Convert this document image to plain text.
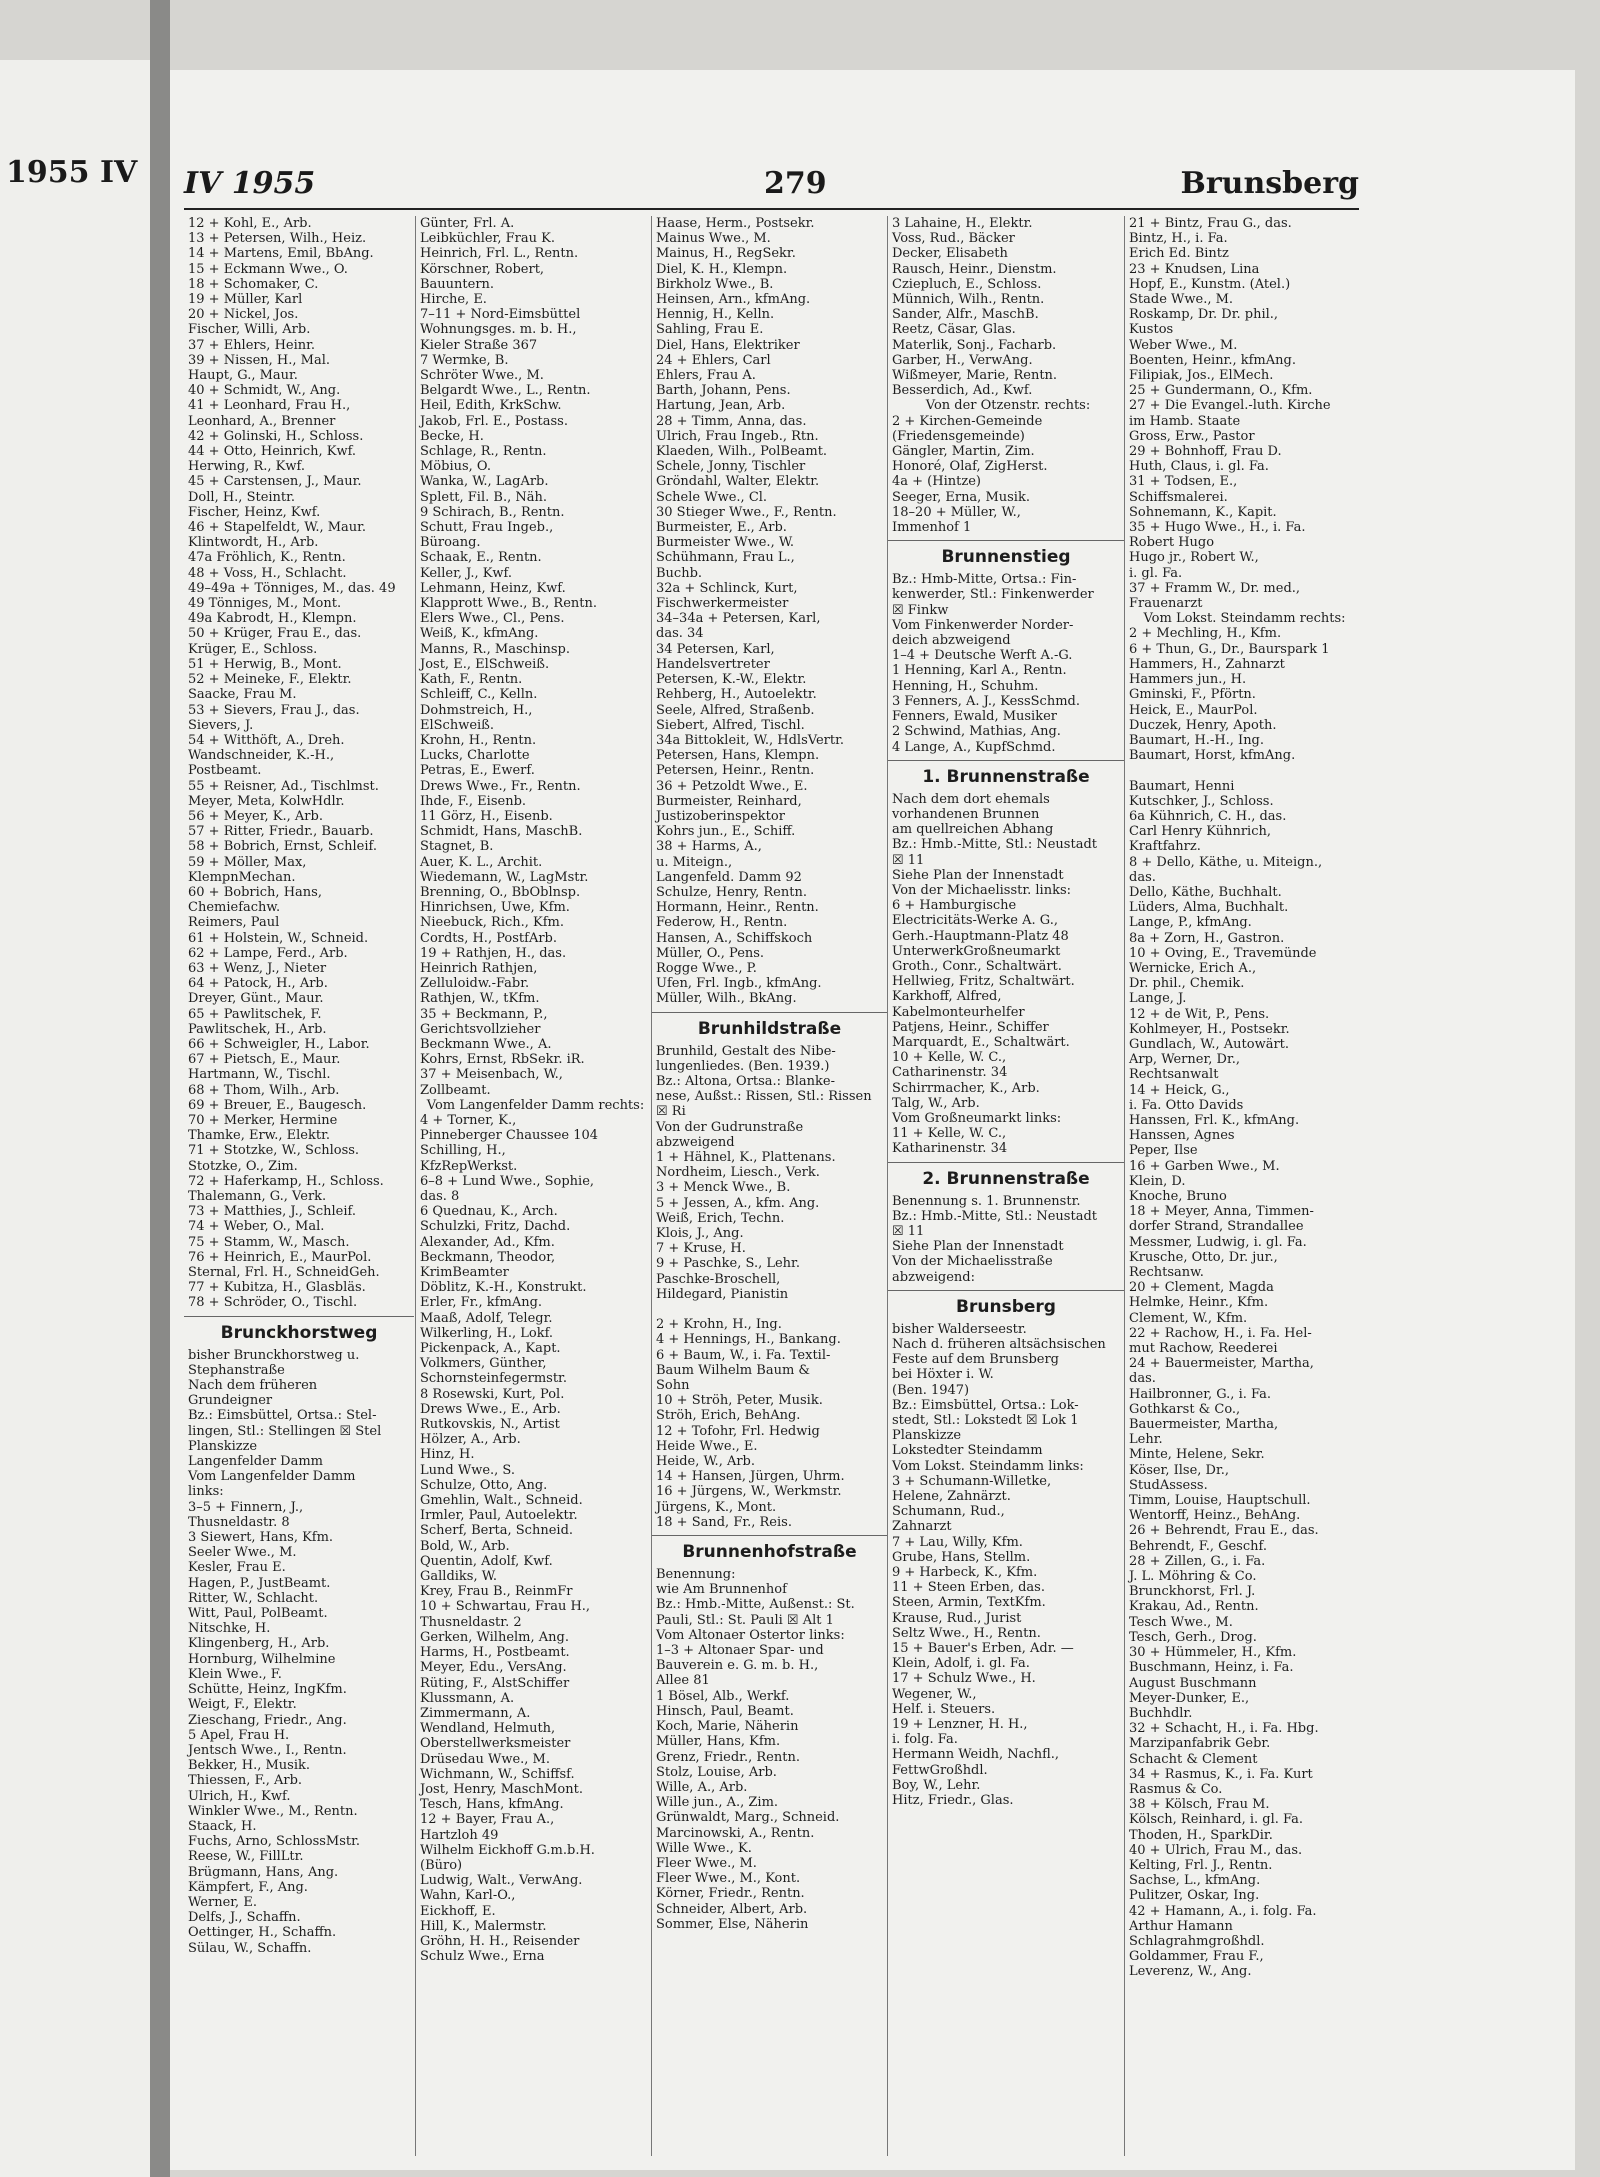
1955 IV IV 1955	279	Brunsberg
12 + Kohl, E., Arb.
13 + Petersen, Wilh., Heiz.
14 + Martens, Emil, BbAng.
15 + Eckmann Wwe., O.
18 + Schomaker, C.
19 + Müller, Karl
20 + Nickel, Jos.
Fischer, Willi, Arb.
37 + Ehlers, Heinr.
39 + Nissen, H., Mal.
Haupt, G., Maur.
40 + Schmidt, W., Ang.
41 + Leonhard, Frau H.,
Leonhard, A., Brenner
42 + Golinski, H., Schloss.
44 + Otto, Heinrich, Kwf.
Herwing, R., Kwf.
45 + Carstensen, J., Maur.
Doll, H., Steintr.
Fischer, Heinz, Kwf.
46 + Stapelfeldt, W., Maur.
Klintwordt, H., Arb.
47a Fröhlich, K., Rentn.
48 + Voss, H., Schlacht.
49–49a + Tönniges, M., das. 49
49 Tönniges, M., Mont.
49a Kabrodt, H., Klempn.
50 + Krüger, Frau E., das.
Krüger, E., Schloss.
51 + Herwig, B., Mont.
52 + Meineke, F., Elektr.
Saacke, Frau M.
53 + Sievers, Frau J., das.
Sievers, J.
54 + Witthöft, A., Dreh.
Wandschneider, K.-H.,
Postbeamt.
55 + Reisner, Ad., Tischlmst.
Meyer, Meta, KolwHdlr.
56 + Meyer, K., Arb.
57 + Ritter, Friedr., Bauarb.
58 + Bobrich, Ernst, Schleif.
59 + Möller, Max,
KlempnMechan.
60 + Bobrich, Hans,
Chemiefachw.
Reimers, Paul
61 + Holstein, W., Schneid.
62 + Lampe, Ferd., Arb.
63 + Wenz, J., Nieter
64 + Patock, H., Arb.
Dreyer, Günt., Maur.
65 + Pawlitschek, F.
Pawlitschek, H., Arb.
66 + Schweigler, H., Labor.
67 + Pietsch, E., Maur.
Hartmann, W., Tischl.
68 + Thom, Wilh., Arb.
69 + Breuer, E., Baugesch.
70 + Merker, Hermine
Thamke, Erw., Elektr.
71 + Stotzke, W., Schloss.
Stotzke, O., Zim.
72 + Haferkamp, H., Schloss.
Thalemann, G., Verk.
73 + Matthies, J., Schleif.
74 + Weber, O., Mal.
75 + Stamm, W., Masch.
76 + Heinrich, E., MaurPol.
Sternal, Frl. H., SchneidGeh.
77 + Kubitza, H., Glasbläs.
78 + Schröder, O., Tischl.
Brunckhorstweg
bisher Brunckhorstweg u.
Stephanstraße
Nach dem früheren
Grundeigner
Bz.: Eimsbüttel, Ortsa.: Stel-
lingen, Stl.: Stellingen ☒ Stel
Planskizze
Langenfelder Damm
Vom Langenfelder Damm
links:
3–5 + Finnern, J.,
Thusneldastr. 8
3 Siewert, Hans, Kfm.
Seeler Wwe., M.
Kesler, Frau E.
Hagen, P., JustBeamt.
Ritter, W., Schlacht.
Witt, Paul, PolBeamt.
Nitschke, H.
Klingenberg, H., Arb.
Hornburg, Wilhelmine
Klein Wwe., F.
Schütte, Heinz, IngKfm.
Weigt, F., Elektr.
Zieschang, Friedr., Ang.
5 Apel, Frau H.
Jentsch Wwe., I., Rentn.
Bekker, H., Musik.
Thiessen, F., Arb.
Ulrich, H., Kwf.
Winkler Wwe., M., Rentn.
Staack, H.
Fuchs, Arno, SchlossMstr.
Reese, W., FillLtr.
Brügmann, Hans, Ang.
Kämpfert, F., Ang.
Werner, E.
Delfs, J., Schaffn.
Oettinger, H., Schaffn.
Sülau, W., Schaffn.
Günter, Frl. A.
Leibküchler, Frau K.
Heinrich, Frl. L., Rentn.
Körschner, Robert,
Bauuntern.
Hirche, E.
7–11 + Nord-Eimsbüttel
Wohnungsges. m. b. H.,
Kieler Straße 367
7 Wermke, B.
Schröter Wwe., M.
Belgardt Wwe., L., Rentn.
Heil, Edith, KrkSchw.
Jakob, Frl. E., Postass.
Becke, H.
Schlage, R., Rentn.
Möbius, O.
Wanka, W., LagArb.
Splett, Fil. B., Näh.
9 Schirach, B., Rentn.
Schutt, Frau Ingeb.,
Büroang.
Schaak, E., Rentn.
Keller, J., Kwf.
Lehmann, Heinz, Kwf.
Klapprott Wwe., B., Rentn.
Elers Wwe., Cl., Pens.
Weiß, K., kfmAng.
Manns, R., Maschinsp.
Jost, E., ElSchweiß.
Kath, F., Rentn.
Schleiff, C., Kelln.
Dohmstreich, H.,
ElSchweiß.
Krohn, H., Rentn.
Lucks, Charlotte
Petras, E., Ewerf.
Drews Wwe., Fr., Rentn.
Ihde, F., Eisenb.
11 Görz, H., Eisenb.
Schmidt, Hans, MaschB.
Stagnet, B.
Auer, K. L., Archit.
Wiedemann, W., LagMstr.
Brenning, O., BbOblnsp.
Hinrichsen, Uwe, Kfm.
Nieebuck, Rich., Kfm.
Cordts, H., PostfArb.
19 + Rathjen, H., das.
Heinrich Rathjen,
Zelluloidw.-Fabr.
Rathjen, W., tKfm.
35 + Beckmann, P.,
Gerichtsvollzieher
Beckmann Wwe., A.
Kohrs, Ernst, RbSekr. iR.
37 + Meisenbach, W.,
Zollbeamt.
Vom Langenfelder Damm rechts:
4 + Torner, K.,
Pinneberger Chaussee 104
Schilling, H.,
KfzRepWerkst.
6–8 + Lund Wwe., Sophie,
das. 8
6 Quednau, K., Arch.
Schulzki, Fritz, Dachd.
Alexander, Ad., Kfm.
Beckmann, Theodor,
KrimBeamter
Döblitz, K.-H., Konstrukt.
Erler, Fr., kfmAng.
Maaß, Adolf, Telegr.
Wilkerling, H., Lokf.
Pickenpack, A., Kapt.
Volkmers, Günther,
Schornsteinfegermstr.
8 Rosewski, Kurt, Pol.
Drews Wwe., E., Arb.
Rutkovskis, N., Artist
Hölzer, A., Arb.
Hinz, H.
Lund Wwe., S.
Schulze, Otto, Ang.
Gmehlin, Walt., Schneid.
Irmler, Paul, Autoelektr.
Scherf, Berta, Schneid.
Bold, W., Arb.
Quentin, Adolf, Kwf.
Galldiks, W.
Krey, Frau B., ReinmFr
10 + Schwartau, Frau H.,
Thusneldastr. 2
Gerken, Wilhelm, Ang.
Harms, H., Postbeamt.
Meyer, Edu., VersAng.
Rüting, F., AlstSchiffer
Klussmann, A.
Zimmermann, A.
Wendland, Helmuth,
Oberstellwerksmeister
Drüsedau Wwe., M.
Wichmann, W., Schiffsf.
Jost, Henry, MaschMont.
Tesch, Hans, kfmAng.
12 + Bayer, Frau A.,
Hartzloh 49
Wilhelm Eickhoff G.m.b.H.
(Büro)
Ludwig, Walt., VerwAng.
Wahn, Karl-O.,
Eickhoff, E.
Hill, K., Malermstr.
Gröhn, H. H., Reisender
Schulz Wwe., Erna
Haase, Herm., Postsekr.
Mainus Wwe., M.
Mainus, H., RegSekr.
Diel, K. H., Klempn.
Birkholz Wwe., B.
Heinsen, Arn., kfmAng.
Hennig, H., Kelln.
Sahling, Frau E.
Diel, Hans, Elektriker
24 + Ehlers, Carl
Ehlers, Frau A.
Barth, Johann, Pens.
Hartung, Jean, Arb.
28 + Timm, Anna, das.
Ulrich, Frau Ingeb., Rtn.
Klaeden, Wilh., PolBeamt.
Schele, Jonny, Tischler
Gröndahl, Walter, Elektr.
Schele Wwe., Cl.
30 Stieger Wwe., F., Rentn.
Burmeister, E., Arb.
Burmeister Wwe., W.
Schühmann, Frau L.,
Buchb.
32a + Schlinck, Kurt,
Fischwerkermeister
34–34a + Petersen, Karl,
das. 34
34 Petersen, Karl,
Handelsvertreter
Petersen, K.-W., Elektr.
Rehberg, H., Autoelektr.
Seele, Alfred, Straßenb.
Siebert, Alfred, Tischl.
34a Bittokleit, W., HdlsVertr.
Petersen, Hans, Klempn.
Petersen, Heinr., Rentn.
36 + Petzoldt Wwe., E.
Burmeister, Reinhard,
Justizoberinspektor
Kohrs jun., E., Schiff.
38 + Harms, A.,
u. Miteign.,
Langenfeld. Damm 92
Schulze, Henry, Rentn.
Hormann, Heinr., Rentn.
Federow, H., Rentn.
Hansen, A., Schiffskoch
Müller, O., Pens.
Rogge Wwe., P.
Ufen, Frl. Ingb., kfmAng.
Müller, Wilh., BkAng.
Brunhildstraße
Brunhild, Gestalt des Nibe-
lungenliedes. (Ben. 1939.)
Bz.: Altona, Ortsa.: Blanke-
nese, Außst.: Rissen, Stl.: Rissen
☒ Ri
Von der Gudrunstraße
abzweigend
1 + Hähnel, K., Plattenans.
Nordheim, Liesch., Verk.
3 + Menck Wwe., B.
5 + Jessen, A., kfm. Ang.
Weiß, Erich, Techn.
Klois, J., Ang.
7 + Kruse, H.
9 + Paschke, S., Lehr.
Paschke-Broschell,
Hildegard, Pianistin

2 + Krohn, H., Ing.
4 + Hennings, H., Bankang.
6 + Baum, W., i. Fa. Textil-
Baum Wilhelm Baum &
Sohn
10 + Ströh, Peter, Musik.
Ströh, Erich, BehAng.
12 + Tofohr, Frl. Hedwig
Heide Wwe., E.
Heide, W., Arb.
14 + Hansen, Jürgen, Uhrm.
16 + Jürgens, W., Werkmstr.
Jürgens, K., Mont.
18 + Sand, Fr., Reis.
Brunnenhofstraße
Benennung:
wie Am Brunnenhof
Bz.: Hmb.-Mitte, Außenst.: St.
Pauli, Stl.: St. Pauli ☒ Alt 1
Vom Altonaer Ostertor links:
1–3 + Altonaer Spar- und
Bauverein e. G. m. b. H.,
Allee 81
1 Bösel, Alb., Werkf.
Hinsch, Paul, Beamt.
Koch, Marie, Näherin
Müller, Hans, Kfm.
Grenz, Friedr., Rentn.
Stolz, Louise, Arb.
Wille, A., Arb.
Wille jun., A., Zim.
Grünwaldt, Marg., Schneid.
Marcinowski, A., Rentn.
Wille Wwe., K.
Fleer Wwe., M.
Fleer Wwe., M., Kont.
Körner, Friedr., Rentn.
Schneider, Albert, Arb.
Sommer, Else, Näherin
3 Lahaine, H., Elektr.
Voss, Rud., Bäcker
Decker, Elisabeth
Rausch, Heinr., Dienstm.
Cziepluch, E., Schloss.
Münnich, Wilh., Rentn.
Sander, Alfr., MaschB.
Reetz, Cäsar, Glas.
Materlik, Sonj., Facharb.
Garber, H., VerwAng.
Wißmeyer, Marie, Rentn.
Besserdich, Ad., Kwf.
Von der Otzenstr. rechts:
2 + Kirchen-Gemeinde
(Friedensgemeinde)
Gängler, Martin, Zim.
Honoré, Olaf, ZigHerst.
4a + (Hintze)
Seeger, Erna, Musik.
18–20 + Müller, W.,
Immenhof 1
Brunnenstieg
Bz.: Hmb-Mitte, Ortsa.: Fin-
kenwerder, Stl.: Finkenwerder
☒ Finkw
Vom Finkenwerder Norder-
deich abzweigend
1–4 + Deutsche Werft A.-G.
1 Henning, Karl A., Rentn.
Henning, H., Schuhm.
3 Fenners, A. J., KessSchmd.
Fenners, Ewald, Musiker
2 Schwind, Mathias, Ang.
4 Lange, A., KupfSchmd.
1. Brunnenstraße
Nach dem dort ehemals
vorhandenen Brunnen
am quellreichen Abhang
Bz.: Hmb.-Mitte, Stl.: Neustadt
☒ 11
Siehe Plan der Innenstadt
Von der Michaelisstr. links:
6 + Hamburgische
Electricitäts-Werke A. G.,
Gerh.-Hauptmann-Platz 48
UnterwerkGroßneumarkt
Groth., Conr., Schaltwärt.
Hellwieg, Fritz, Schaltwärt.
Karkhoff, Alfred,
Kabelmonteurhelfer
Patjens, Heinr., Schiffer
Marquardt, E., Schaltwärt.
10 + Kelle, W. C.,
Catharinenstr. 34
Schirrmacher, K., Arb.
Talg, W., Arb.
Vom Großneumarkt links:
11 + Kelle, W. C.,
Katharinenstr. 34
2. Brunnenstraße
Benennung s. 1. Brunnenstr.
Bz.: Hmb.-Mitte, Stl.: Neustadt
☒ 11
Siehe Plan der Innenstadt
Von der Michaelisstraße
abzweigend:
Brunsberg
bisher Walderseestr.
Nach d. früheren altsächsischen
Feste auf dem Brunsberg
bei Höxter i. W.
(Ben. 1947)
Bz.: Eimsbüttel, Ortsa.: Lok-
stedt, Stl.: Lokstedt ☒ Lok 1
Planskizze
Lokstedter Steindamm
Vom Lokst. Steindamm links:
3 + Schumann-Willetke,
Helene, Zahnärzt.
Schumann, Rud.,
Zahnarzt
7 + Lau, Willy, Kfm.
Grube, Hans, Stellm.
9 + Harbeck, K., Kfm.
11 + Steen Erben, das.
Steen, Armin, TextKfm.
Krause, Rud., Jurist
Seltz Wwe., H., Rentn.
15 + Bauer's Erben, Adr. —
Klein, Adolf, i. gl. Fa.
17 + Schulz Wwe., H.
Wegener, W.,
Helf. i. Steuers.
19 + Lenzner, H. H.,
i. folg. Fa.
Hermann Weidh, Nachfl.,
FettwGroßhdl.
Boy, W., Lehr.
Hitz, Friedr., Glas.
21 + Bintz, Frau G., das.
Bintz, H., i. Fa.
Erich Ed. Bintz
23 + Knudsen, Lina
Hopf, E., Kunstm. (Atel.)
Stade Wwe., M.
Roskamp, Dr. Dr. phil.,
Kustos
Weber Wwe., M.
Boenten, Heinr., kfmAng.
Filipiak, Jos., ElMech.
25 + Gundermann, O., Kfm.
27 + Die Evangel.-luth. Kirche
im Hamb. Staate
Gross, Erw., Pastor
29 + Bohnhoff, Frau D.
Huth, Claus, i. gl. Fa.
31 + Todsen, E.,
Schiffsmalerei.
Sohnemann, K., Kapit.
35 + Hugo Wwe., H., i. Fa.
Robert Hugo
Hugo jr., Robert W.,
i. gl. Fa.
37 + Framm W., Dr. med.,
Frauenarzt
Vom Lokst. Steindamm rechts:
2 + Mechling, H., Kfm.
6 + Thun, G., Dr., Baurspark 1
Hammers, H., Zahnarzt
Hammers jun., H.
Gminski, F., Pförtn.
Heick, E., MaurPol.
Duczek, Henry, Apoth.
Baumart, H.-H., Ing.
Baumart, Horst, kfmAng.

Baumart, Henni
Kutschker, J., Schloss.
6a Kühnrich, C. H., das.
Carl Henry Kühnrich,
Kraftfahrz.
8 + Dello, Käthe, u. Miteign.,
das.
Dello, Käthe, Buchhalt.
Lüders, Alma, Buchhalt.
Lange, P., kfmAng.
8a + Zorn, H., Gastron.
10 + Oving, E., Travemünde
Wernicke, Erich A.,
Dr. phil., Chemik.
Lange, J.
12 + de Wit, P., Pens.
Kohlmeyer, H., Postsekr.
Gundlach, W., Autowärt.
Arp, Werner, Dr.,
Rechtsanwalt
14 + Heick, G.,
i. Fa. Otto Davids
Hanssen, Frl. K., kfmAng.
Hanssen, Agnes
Peper, Ilse
16 + Garben Wwe., M.
Klein, D.
Knoche, Bruno
18 + Meyer, Anna, Timmen-
dorfer Strand, Strandallee
Messmer, Ludwig, i. gl. Fa.
Krusche, Otto, Dr. jur.,
Rechtsanw.
20 + Clement, Magda
Helmke, Heinr., Kfm.
Clement, W., Kfm.
22 + Rachow, H., i. Fa. Hel-
mut Rachow, Reederei
24 + Bauermeister, Martha,
das.
Hailbronner, G., i. Fa.
Gothkarst & Co.,
Bauermeister, Martha,
Lehr.
Minte, Helene, Sekr.
Köser, Ilse, Dr.,
StudAssess.
Timm, Louise, Hauptschull.
Wentorff, Heinz., BehAng.
26 + Behrendt, Frau E., das.
Behrendt, F., Geschf.
28 + Zillen, G., i. Fa.
J. L. Möhring & Co.
Brunckhorst, Frl. J.
Krakau, Ad., Rentn.
Tesch Wwe., M.
Tesch, Gerh., Drog.
30 + Hümmeler, H., Kfm.
Buschmann, Heinz, i. Fa.
August Buschmann
Meyer-Dunker, E.,
Buchhdlr.
32 + Schacht, H., i. Fa. Hbg.
Marzipanfabrik Gebr.
Schacht & Clement
34 + Rasmus, K., i. Fa. Kurt
Rasmus & Co.
38 + Kölsch, Frau M.
Kölsch, Reinhard, i. gl. Fa.
Thoden, H., SparkDir.
40 + Ulrich, Frau M., das.
Kelting, Frl. J., Rentn.
Sachse, L., kfmAng.
Pulitzer, Oskar, Ing.
42 + Hamann, A., i. folg. Fa.
Arthur Hamann
Schlagrahmgroßhdl.
Goldammer, Frau F.,
Leverenz, W., Ang.
